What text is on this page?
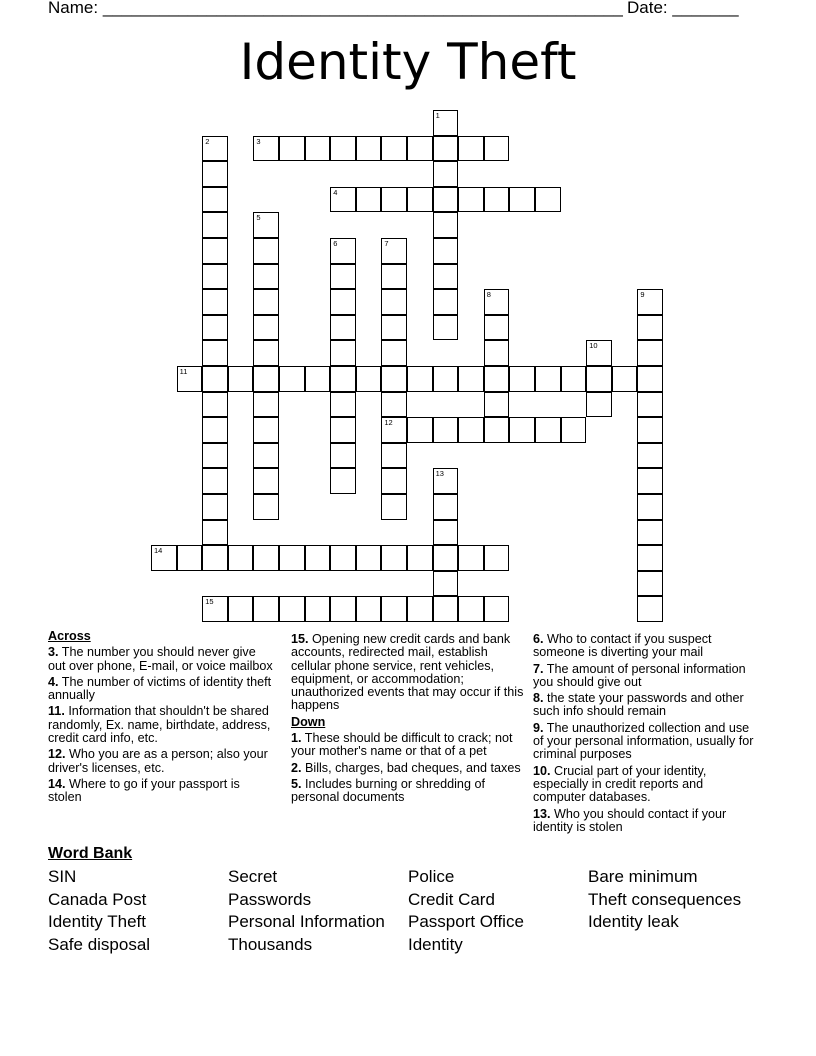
Name: _______________________________________________________ Date: _______
Identity Theft
1
2	3
4
5
6	7
12
8	9
10
11
13
14
15
Across
3. The number you should never give out over phone, E-mail, or voice mailbox
4. The number of victims of identity theft annually
11. Information that shouldn't be shared randomly, Ex. name, birthdate, address, credit card info, etc.
12. Who you are as a person; also your driver's licenses, etc.
14. Where to go if your passport is stolen
15. Opening new credit cards and bank accounts, redirected mail, establish cellular phone service, rent vehicles, equipment, or accommodation; unauthorized events that may occur if this happens
Down
1. These should be difficult to crack; not your mother's name or that of a pet
2. Bills, charges, bad cheques, and taxes
5. Includes burning or shredding of personal documents
6. Who to contact if you suspect someone is diverting your mail
7. The amount of personal information you should give out
8. the state your passwords and other such info should remain
9. The unauthorized collection and use of your personal information, usually for criminal purposes
10. Crucial part of your identity, especially in credit reports and computer databases.
13. Who you should contact if your identity is stolen
Word Bank
SIN	Secret	Police	Bare minimum
Canada Post	Passwords	Credit Card	Theft consequences
Identity Theft	Personal Information	Passport Office	Identity leak
Safe disposal	Thousands	Identity
